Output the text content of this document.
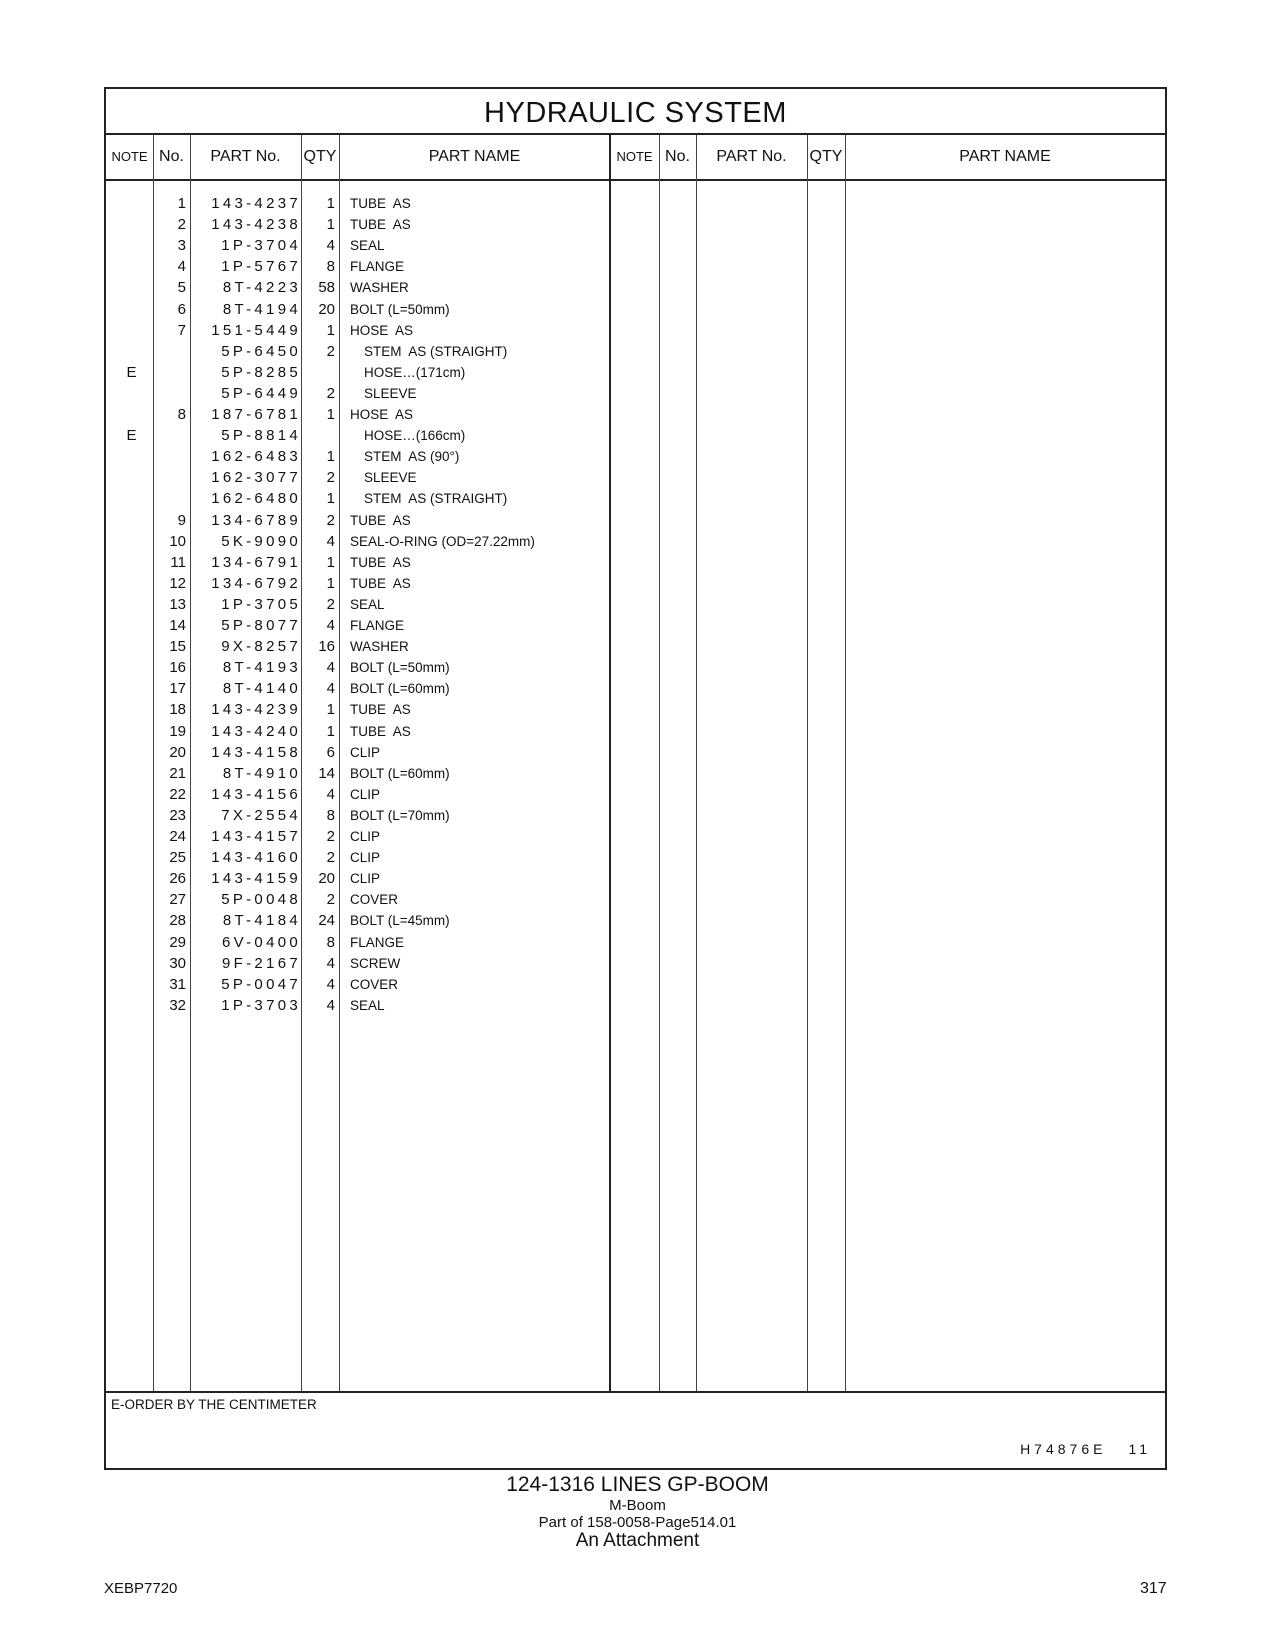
HYDRAULIC SYSTEM
NOTE No.	PART No.	QTY	PART NAME	NOTE No.	PART No.	QTY	PART NAME
1	143-4237	1 TUBE  AS
2	143-4238	1 TUBE  AS
3	1P-3704	4 SEAL
4	1P-5767	8 FLANGE
5	8T-4223	58 WASHER
6	8T-4194	20 BOLT (L=50mm)
7	151-5449	1 HOSE  AS
5P-6450	2 STEM  AS (STRAIGHT)
E	5P-8285	HOSE…(171cm)
5P-6449	2 SLEEVE
8	187-6781	1 HOSE  AS
E	5P-8814	HOSE…(166cm)
162-6483	1 STEM  AS (90°)
162-3077	2 SLEEVE
162-6480	1 STEM  AS (STRAIGHT)
9	134-6789	2 TUBE  AS
10	5K-9090	4 SEAL-O-RING (OD=27.22mm)
11	134-6791	1 TUBE  AS
12	134-6792	1 TUBE  AS
13	1P-3705	2 SEAL
14	5P-8077	4 FLANGE
15	9X-8257	16 WASHER
16	8T-4193	4 BOLT (L=50mm)
17	8T-4140	4 BOLT (L=60mm)
18	143-4239	1 TUBE  AS
19	143-4240	1 TUBE  AS
20	143-4158	6 CLIP
21	8T-4910	14 BOLT (L=60mm)
22	143-4156	4 CLIP
23	7X-2554	8 BOLT (L=70mm)
24	143-4157	2 CLIP
25	143-4160	2 CLIP
26	143-4159	20 CLIP
27	5P-0048	2 COVER
28	8T-4184	24 BOLT (L=45mm)
29	6V-0400	8 FLANGE
30	9F-2167	4 SCREW
31	5P-0047	4 COVER
32	1P-3703	4 SEAL
E-ORDER BY THE CENTIMETER
H74876E 11
124-1316 LINES GP-BOOM
M-Boom
Part of 158-0058-Page514.01
An Attachment
XEBP7720	317
